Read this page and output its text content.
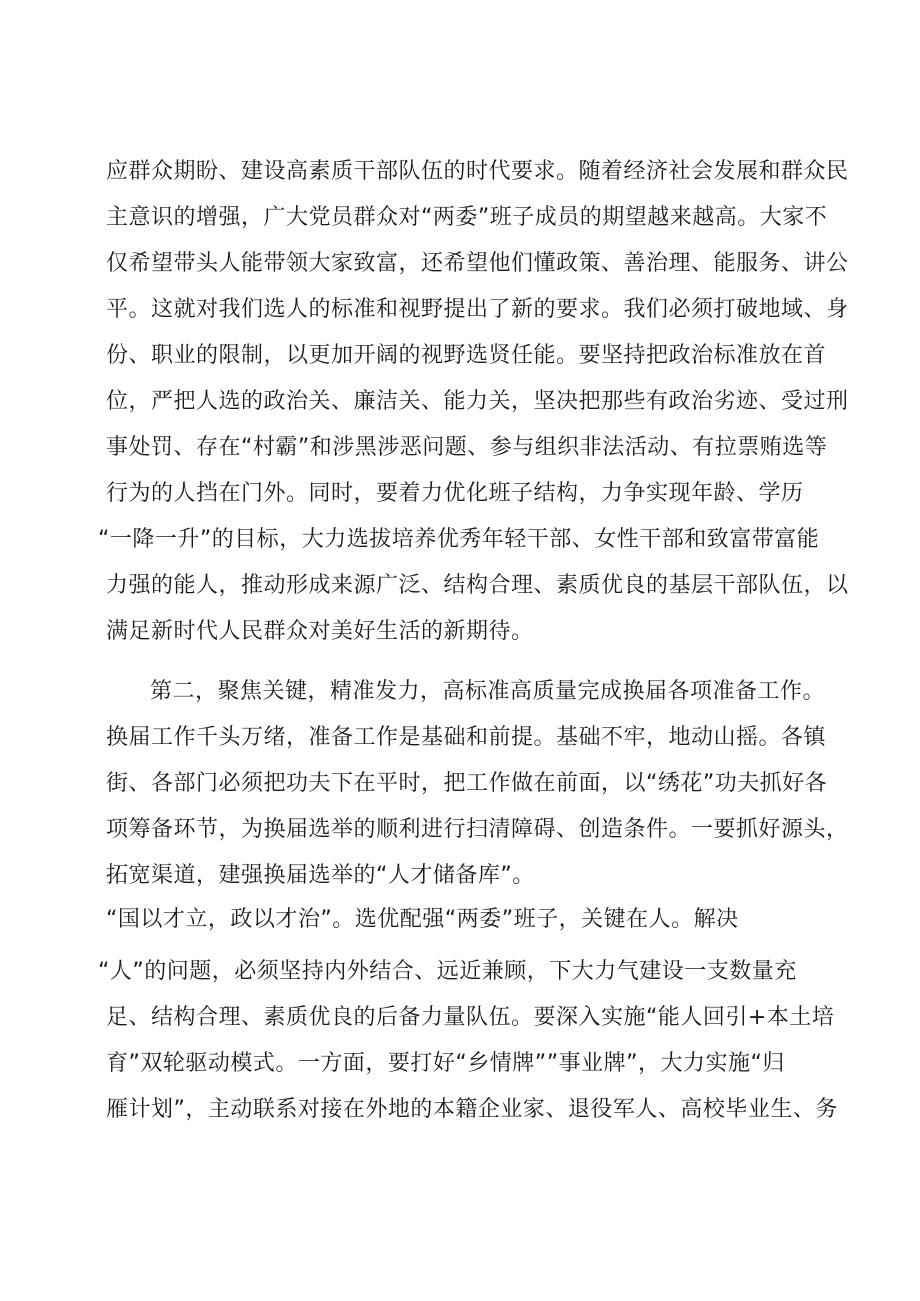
应群众期盼、建设高素质干部队伍的时代要求。随着经济社会发展和群众民
主意识的增强，广大党员群众对“两委”班子成员的期望越来越高。大家不
仅希望带头人能带领大家致富，还希望他们懂政策、善治理、能服务、讲公
平。这就对我们选人的标准和视野提出了新的要求。我们必须打破地域、身
份、职业的限制，以更加开阔的视野选贤任能。要坚持把政治标准放在首
位，严把人选的政治关、廉洁关、能力关，坚决把那些有政治劣迹、受过刑
事处罚、存在“村霸”和涉黑涉恶问题、参与组织非法活动、有拉票贿选等
行为的人挡在门外。同时，要着力优化班子结构，力争实现年龄、学历
“一降一升”的目标，大力选拔培养优秀年轻干部、女性干部和致富带富能
力强的能人，推动形成来源广泛、结构合理、素质优良的基层干部队伍，以
满足新时代人民群众对美好生活的新期待。
第二，聚焦关键，精准发力，高标准高质量完成换届各项准备工作。
换届工作千头万绪，准备工作是基础和前提。基础不牢，地动山摇。各镇
街、各部门必须把功夫下在平时，把工作做在前面，以“绣花”功夫抓好各
项筹备环节，为换届选举的顺利进行扫清障碍、创造条件。一要抓好源头，
拓宽渠道，建强换届选举的“人才储备库”。
“国以才立，政以才治”。选优配强“两委”班子，关键在人。解决
“人”的问题，必须坚持内外结合、远近兼顾，下大力气建设一支数量充
足、结构合理、素质优良的后备力量队伍。要深入实施“能人回引+本土培
育”双轮驱动模式。一方面，要打好“乡情牌””事业牌”，大力实施“归
雁计划”，主动联系对接在外地的本籍企业家、退役军人、高校毕业生、务
